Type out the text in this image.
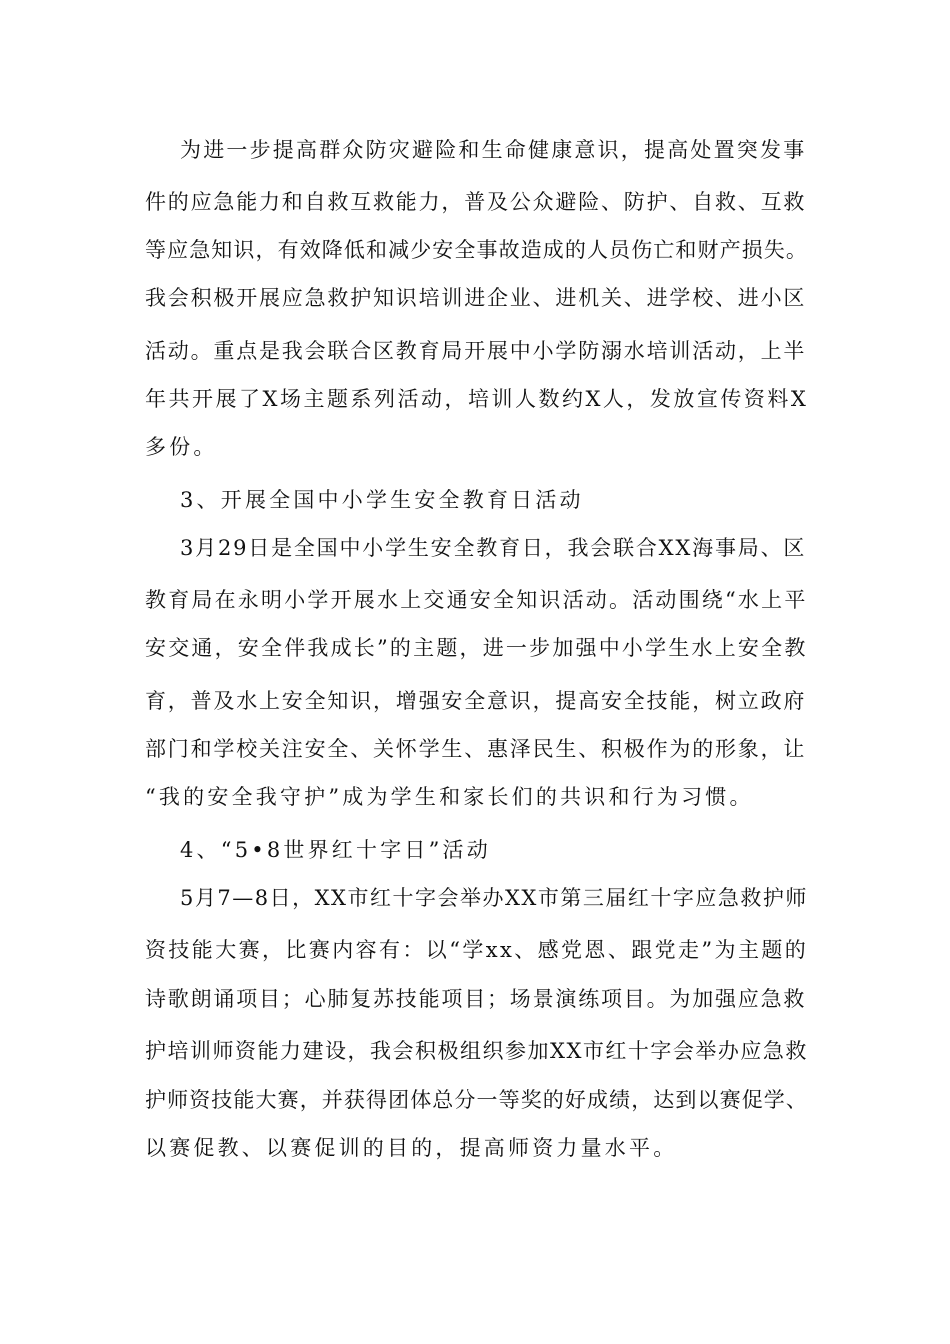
为进一步提高群众防灾避险和生命健康意识，提高处置突发事
件的应急能力和自救互救能力，普及公众避险、防护、自救、互救
等应急知识，有效降低和减少安全事故造成的人员伤亡和财产损失。
我会积极开展应急救护知识培训进企业、进机关、进学校、进小区
活动。重点是我会联合区教育局开展中小学防溺水培训活动，上半
年共开展了X场主题系列活动，培训人数约X人，发放宣传资料X
多份。
3、开展全国中小学生安全教育日活动
3月29日是全国中小学生安全教育日，我会联合XX海事局、区
教育局在永明小学开展水上交通安全知识活动。活动围绕“水上平
安交通，安全伴我成长”的主题，进一步加强中小学生水上安全教
育，普及水上安全知识，增强安全意识，提高安全技能，树立政府
部门和学校关注安全、关怀学生、惠泽民生、积极作为的形象，让
“我的安全我守护”成为学生和家长们的共识和行为习惯。
4、“5•8世界红十字日”活动
5月7—8日，XX市红十字会举办XX市第三届红十字应急救护师
资技能大赛，比赛内容有：以“学xx、感党恩、跟党走”为主题的
诗歌朗诵项目；心肺复苏技能项目；场景演练项目。为加强应急救
护培训师资能力建设，我会积极组织参加XX市红十字会举办应急救
护师资技能大赛，并获得团体总分一等奖的好成绩，达到以赛促学、
以赛促教、以赛促训的目的，提高师资力量水平。
